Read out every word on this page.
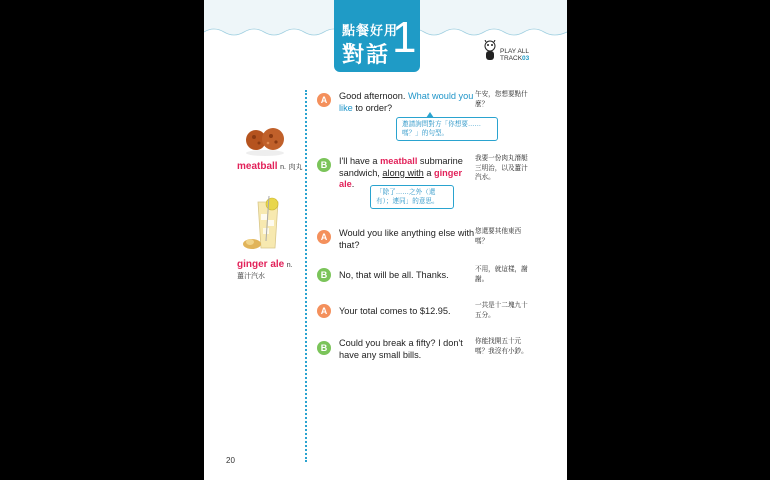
點餐好用
對話 1	PLAY ALL
TRACK03
meatball n. 肉丸
ginger ale n.
薑汁汽水
A	Good afternoon. What would you like to order?
午安，您想要點什麼？
邀請詢問對方「你想要……嗎？」的句型。
B	I'll have a meatball submarine sandwich, along with a ginger ale.
我要一份肉丸潛艇三明治，以及薑汁汽水。
「除了……之外（還有）；連同」的意思。
A	Would you like anything else with that?
您還要其他東西嗎？
B	No, that will be all. Thanks.
不用，就這樣，謝謝。
A	Your total comes to $12.95.
一共是十二塊九十五分。
B	Could you break a fifty? I don't have any small bills.
你能找開五十元嗎？我沒有小鈔。
20
